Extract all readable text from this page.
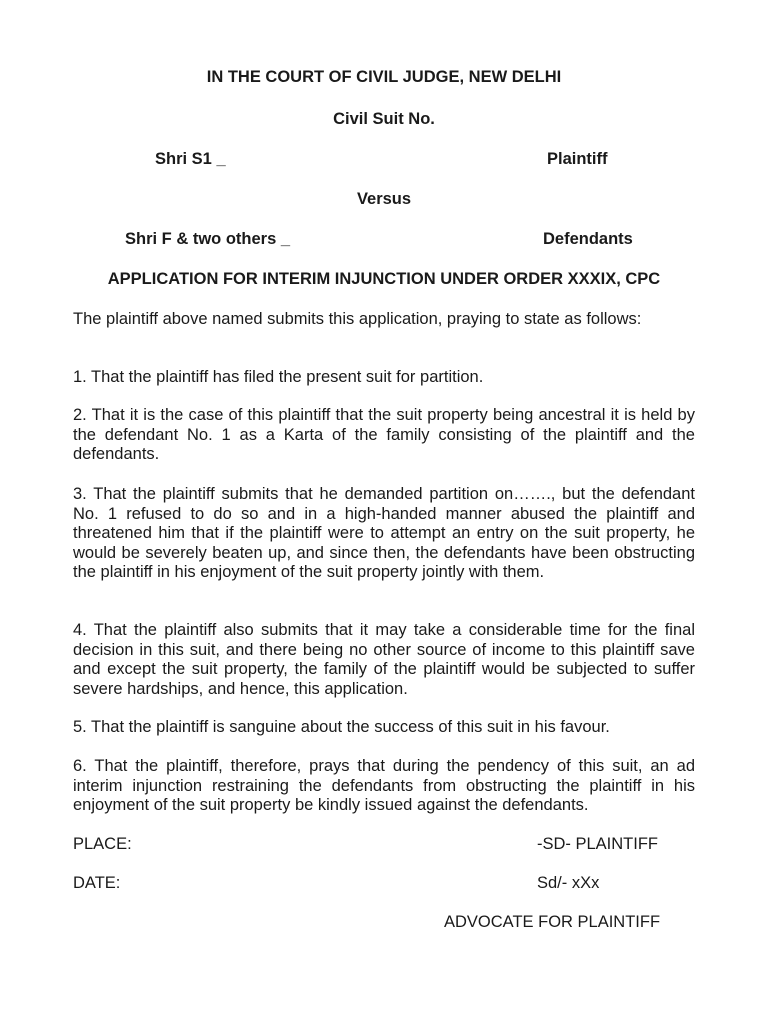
IN THE COURT OF CIVIL JUDGE, NEW DELHI
Civil Suit No.
Shri S1 _	Plaintiff
Versus
Shri F & two others _	Defendants
APPLICATION FOR INTERIM INJUNCTION UNDER ORDER XXXIX, CPC
The plaintiff above named submits this application, praying to state as follows:
1. That the plaintiff has filed the present suit for partition.
2. That it is the case of this plaintiff that the suit property being ancestral it is held by the defendant No. 1 as a Karta of the family consisting of the plaintiff and the defendants.
3. That the plaintiff submits that he demanded partition on……., but the defendant No. 1 refused to do so and in a high-handed manner abused the plaintiff and threatened him that if the plaintiff were to attempt an entry on the suit property, he would be severely beaten up, and since then, the defendants have been obstructing the plaintiff in his enjoyment of the suit property jointly with them.
4. That the plaintiff also submits that it may take a considerable time for the final decision in this suit, and there being no other source of income to this plaintiff save and except the suit property, the family of the plaintiff would be subjected to suffer severe hardships, and hence, this application.
5. That the plaintiff is sanguine about the success of this suit in his favour.
6. That the plaintiff, therefore, prays that during the pendency of this suit, an ad interim injunction restraining the defendants from obstructing the plaintiff in his enjoyment of the suit property be kindly issued against the defendants.
PLACE:	-SD- PLAINTIFF
DATE:	Sd/- xXx
ADVOCATE FOR PLAINTIFF
